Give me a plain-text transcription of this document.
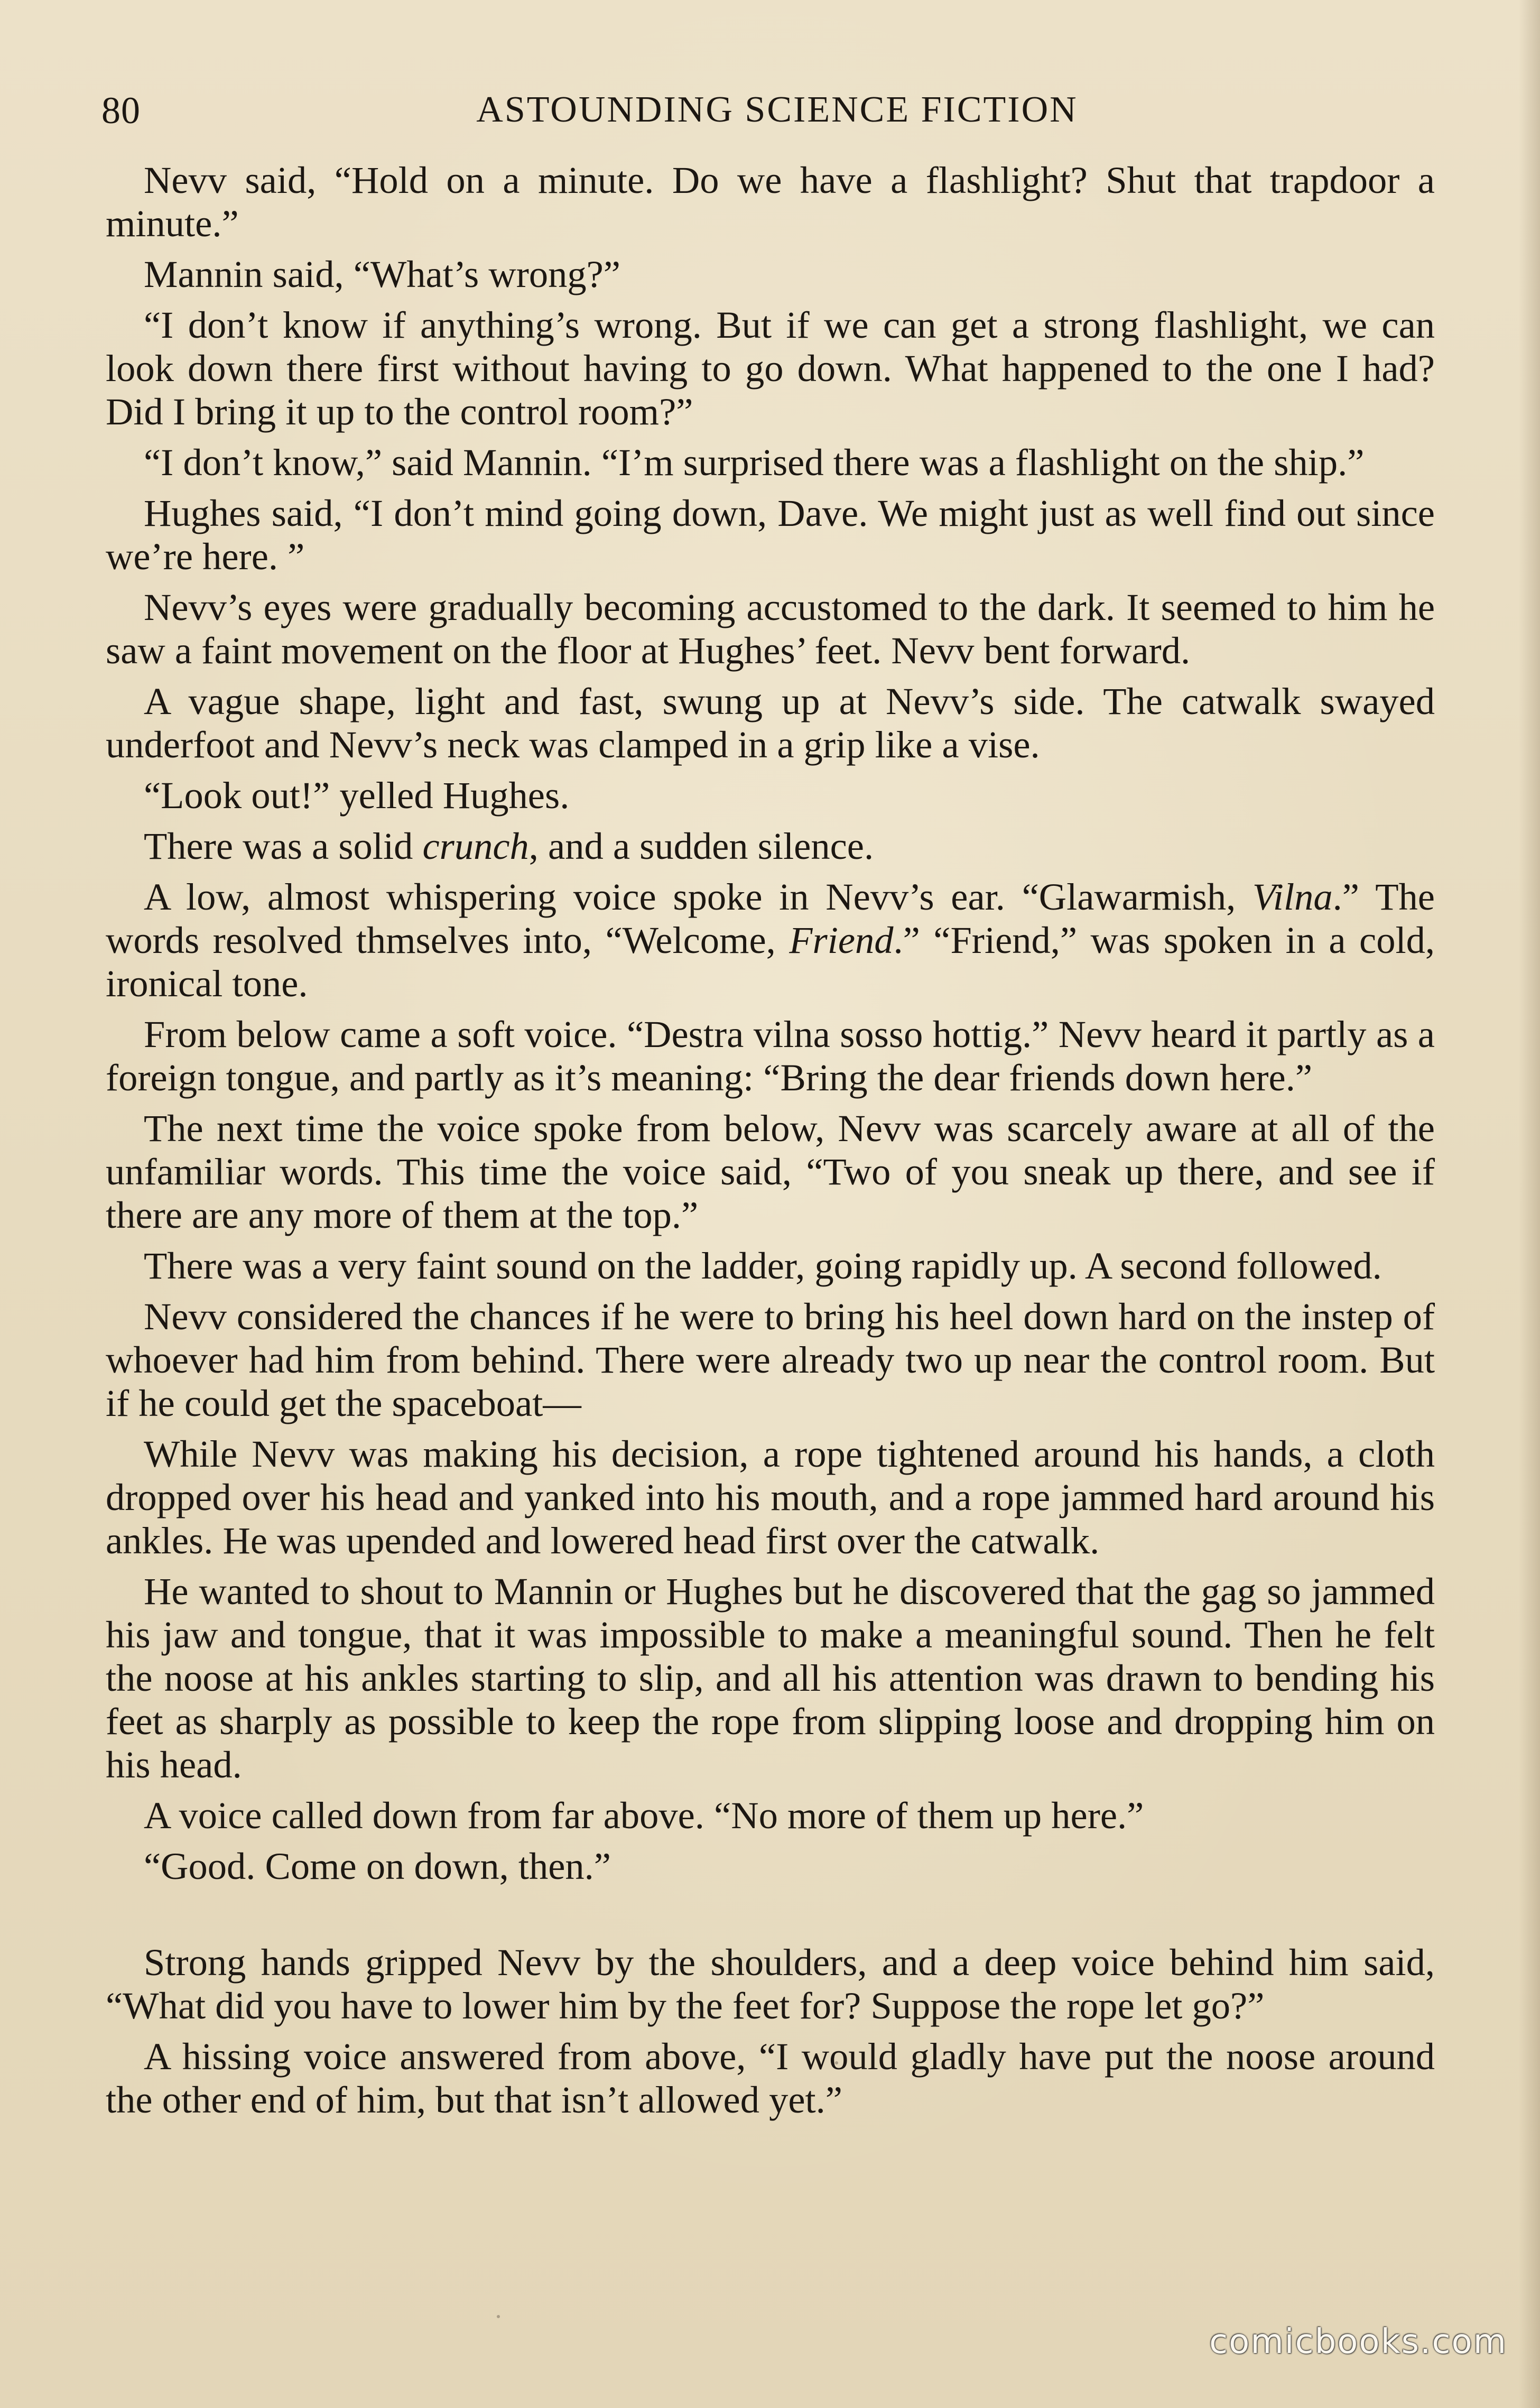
80	ASTOUNDING SCIENCE FICTION

Nevv said, “Hold on a minute. Do we have a flashlight? Shut that trapdoor a minute.”

Mannin said, “What’s wrong?”

“I don’t know if anything’s wrong. But if we can get a strong flashlight, we can look down there first without having to go down. What happened to the one I had? Did I bring it up to the control room?”

“I don’t know,” said Mannin. “I’m surprised there was a flashlight on the ship.”

Hughes said, “I don’t mind going down, Dave. We might just as well find out since we’re here. ”

Nevv’s eyes were gradually becoming accustomed to the dark. It seemed to him he saw a faint movement on the floor at Hughes’ feet. Nevv bent forward.

A vague shape, light and fast, swung up at Nevv’s side. The catwalk swayed underfoot and Nevv’s neck was clamped in a grip like a vise.

“Look out!” yelled Hughes.

There was a solid crunch, and a sudden silence.

A low, almost whispering voice spoke in Nevv’s ear. “Glawarmish, Vilna.” The words resolved thmselves into, “Welcome, Friend.” “Friend,” was spoken in a cold, ironical tone.

From below came a soft voice. “Destra vilna sosso hottig.” Nevv heard it partly as a foreign tongue, and partly as it’s meaning: “Bring the dear friends down here.”

The next time the voice spoke from below, Nevv was scarcely aware at all of the unfamiliar words. This time the voice said, “Two of you sneak up there, and see if there are any more of them at the top.”

There was a very faint sound on the ladder, going rapidly up. A second followed.

Nevv considered the chances if he were to bring his heel down hard on the instep of whoever had him from behind. There were already two up near the control room. But if he could get the spaceboat—

While Nevv was making his decision, a rope tightened around his hands, a cloth dropped over his head and yanked into his mouth, and a rope jammed hard around his ankles. He was upended and lowered head first over the catwalk.

He wanted to shout to Mannin or Hughes but he discovered that the gag so jammed his jaw and tongue, that it was impossible to make a meaningful sound. Then he felt the noose at his ankles starting to slip, and all his attention was drawn to bending his feet as sharply as possible to keep the rope from slipping loose and dropping him on his head.

A voice called down from far above. “No more of them up here.”

“Good. Come on down, then.”

Strong hands gripped Nevv by the shoulders, and a deep voice behind him said, “What did you have to lower him by the feet for? Suppose the rope let go?”

A hissing voice answered from above, “I would gladly have put the noose around the other end of him, but that isn’t allowed yet.”

comicbooks.com
